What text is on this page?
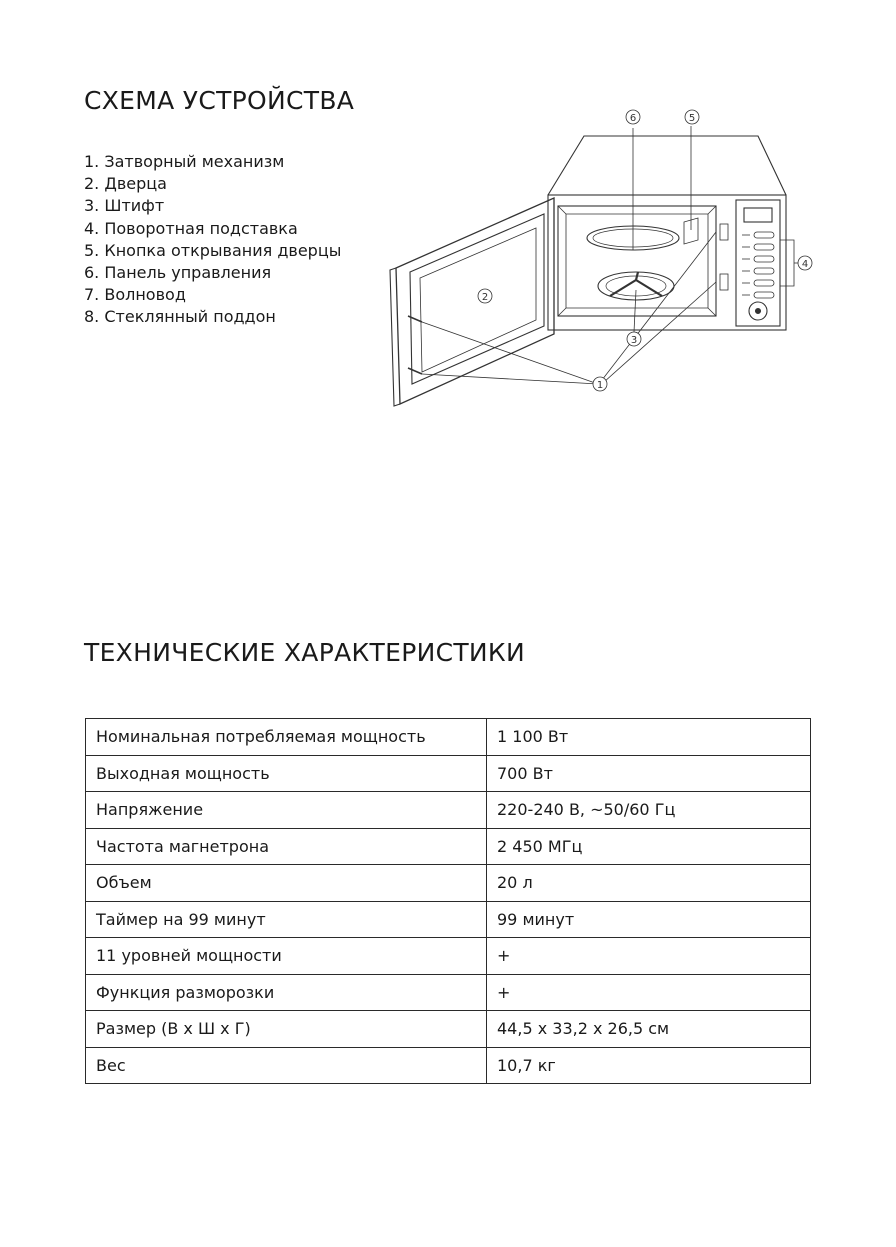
СХЕМА УСТРОЙСТВА
1. Затворный механизм
2. Дверца
3. Штифт
4. Поворотная подставка
5. Кнопка открывания дверцы
6. Панель управления
7. Волновод
8. Стеклянный поддон
1
2
3
4
5
6
ТЕХНИЧЕСКИЕ ХАРАКТЕРИСТИКИ
Номинальная потребляемая мощность	1 100 Вт
Выходная мощность	700 Вт
Напряжение	220-240 В, ~50/60 Гц
Частота магнетрона	2 450 МГц
Объем	20 л
Таймер на 99 минут	99 минут
11 уровней мощности	+
Функция разморозки	+
Размер (В х Ш х Г)	44,5 х 33,2 х 26,5 см
Вес	10,7 кг
